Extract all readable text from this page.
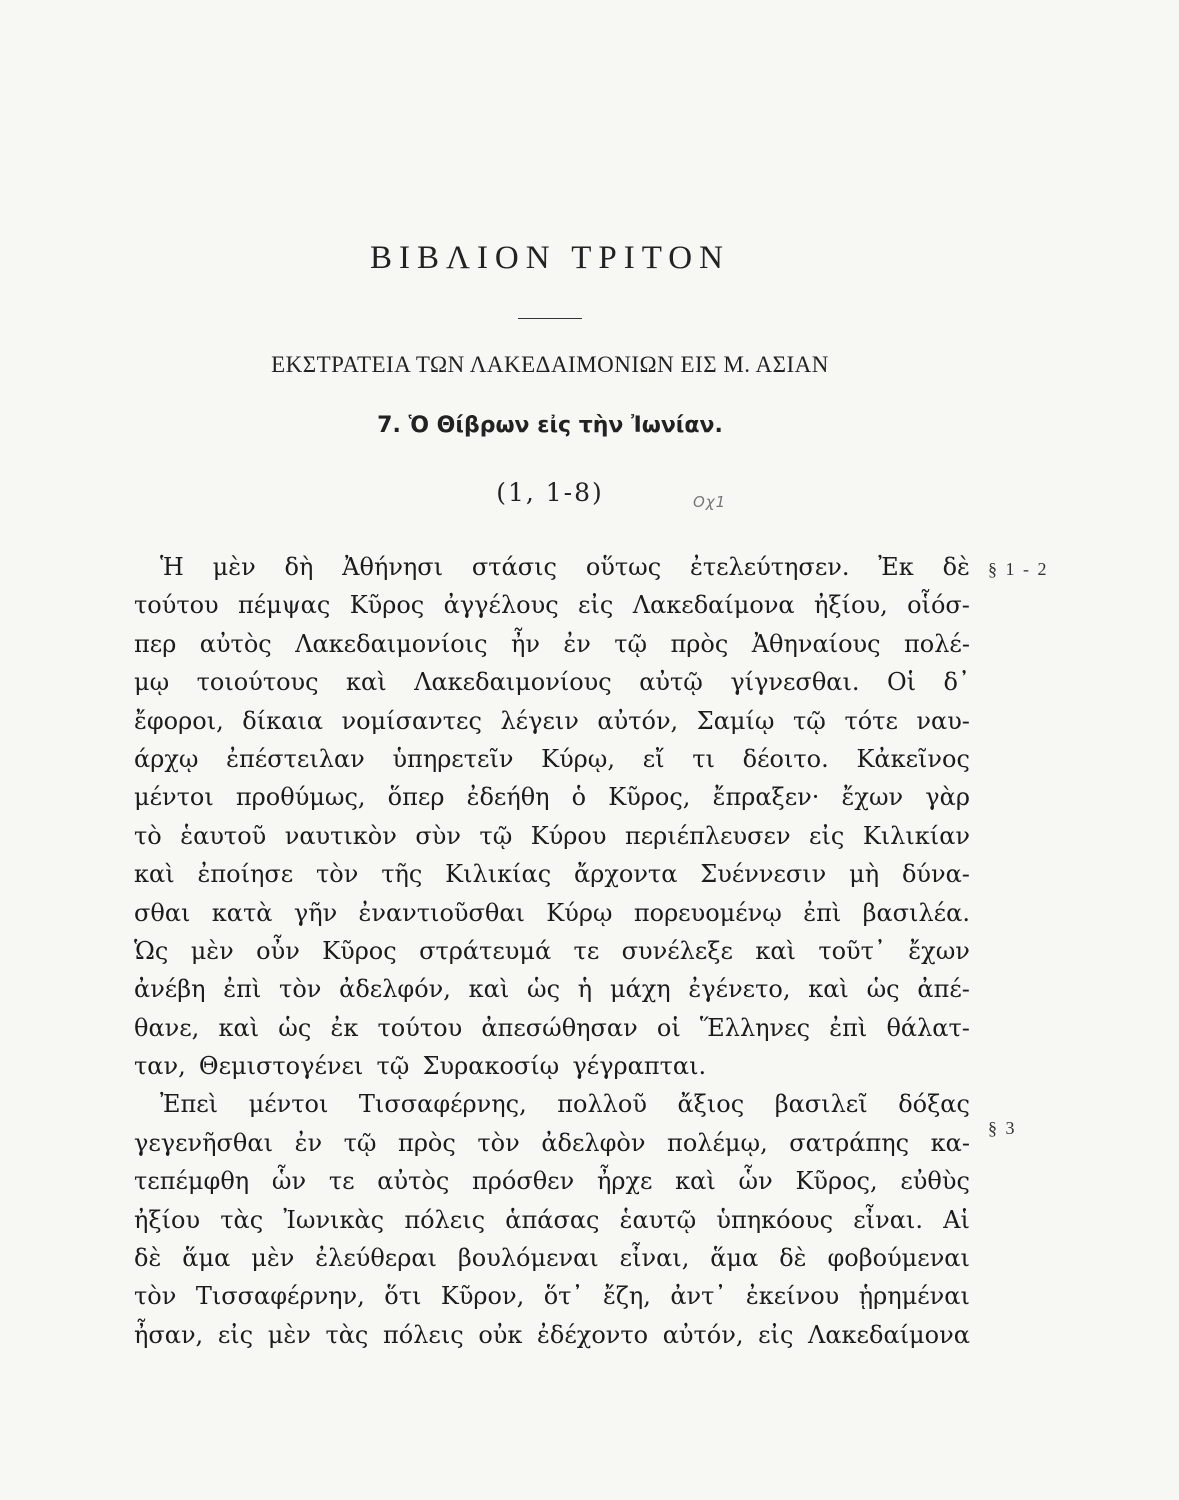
ΒΙΒΛΙΟΝ ΤΡΙΤΟΝ
ΕΚΣΤΡΑΤΕΙΑ ΤΩΝ ΛΑΚΕΔΑΙΜΟΝΙΩΝ ΕΙΣ Μ. ΑΣΙΑΝ
7. Ὁ Θίβρων εἰς τὴν Ἰωνίαν.
(1, 1-8)	Οχ1
§ 1 - 2
§ 3
Ἡ μὲν δὴ Ἀθήνησι στάσις οὕτως ἐτελεύτησεν. Ἐκ δὲ
τούτου πέμψας Κῦρος ἀγγέλους εἰς Λακεδαίμονα ἠξίου, οἷόσ-
περ αὐτὸς Λακεδαιμονίοις ἦν ἐν τῷ πρὸς Ἀθηναίους πολέ-
μῳ τοιούτους καὶ Λακεδαιμονίους αὐτῷ γίγνεσθαι. Οἱ δ᾽
ἔφοροι, δίκαια νομίσαντες λέγειν αὐτόν, Σαμίῳ τῷ τότε ναυ-
άρχῳ ἐπέστειλαν ὑπηρετεῖν Κύρῳ, εἴ τι δέοιτο. Κἀκεῖνος
μέντοι προθύμως, ὅπερ ἐδεήθη ὁ Κῦρος, ἔπραξεν· ἔχων γὰρ
τὸ ἑαυτοῦ ναυτικὸν σὺν τῷ Κύρου περιέπλευσεν εἰς Κιλικίαν
καὶ ἐποίησε τὸν τῆς Κιλικίας ἄρχοντα Συέννεσιν μὴ δύνα-
σθαι κατὰ γῆν ἐναντιοῦσθαι Κύρῳ πορευομένῳ ἐπὶ βασιλέα.
Ὡς μὲν οὖν Κῦρος στράτευμά τε συνέλεξε καὶ τοῦτ᾽ ἔχων
ἀνέβη ἐπὶ τὸν ἀδελφόν, καὶ ὡς ἡ μάχη ἐγένετο, καὶ ὡς ἀπέ-
θανε, καὶ ὡς ἐκ τούτου ἀπεσώθησαν οἱ Ἕλληνες ἐπὶ θάλατ-
ταν, Θεμιστογένει τῷ Συρακοσίῳ γέγραπται.
Ἐπεὶ μέντοι Τισσαφέρνης, πολλοῦ ἄξιος βασιλεῖ δόξας
γεγενῆσθαι ἐν τῷ πρὸς τὸν ἀδελφὸν πολέμῳ, σατράπης κα-
τεπέμφθη ὧν τε αὐτὸς πρόσθεν ἦρχε καὶ ὧν Κῦρος, εὐθὺς
ἠξίου τὰς Ἰωνικὰς πόλεις ἁπάσας ἑαυτῷ ὑπηκόους εἶναι. Αἱ
δὲ ἅμα μὲν ἐλεύθεραι βουλόμεναι εἶναι, ἅμα δὲ φοβούμεναι
τὸν Τισσαφέρνην, ὅτι Κῦρον, ὅτ᾽ ἔζη, ἀντ᾽ ἐκείνου ᾑρημέναι
ἦσαν, εἰς μὲν τὰς πόλεις οὐκ ἐδέχοντο αὐτόν, εἰς Λακεδαίμονα
